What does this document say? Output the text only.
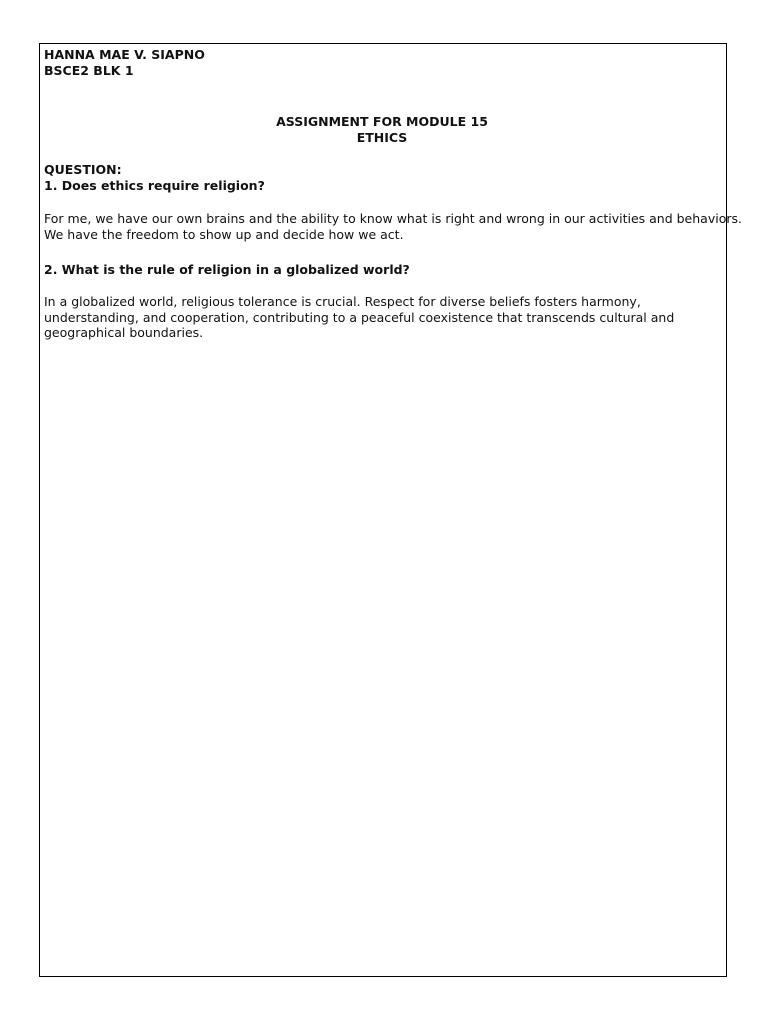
HANNA MAE V. SIAPNO

BSCE2 BLK 1

ASSIGNMENT FOR MODULE 15

ETHICS

QUESTION:

1. Does ethics require religion?

For me, we have our own brains and the ability to know what is right and wrong in our activities and behaviors.

We have the freedom to show up and decide how we act.

2. What is the rule of religion in a globalized world?

In a globalized world, religious tolerance is crucial. Respect for diverse beliefs fosters harmony,

understanding, and cooperation, contributing to a peaceful coexistence that transcends cultural and

geographical boundaries.
